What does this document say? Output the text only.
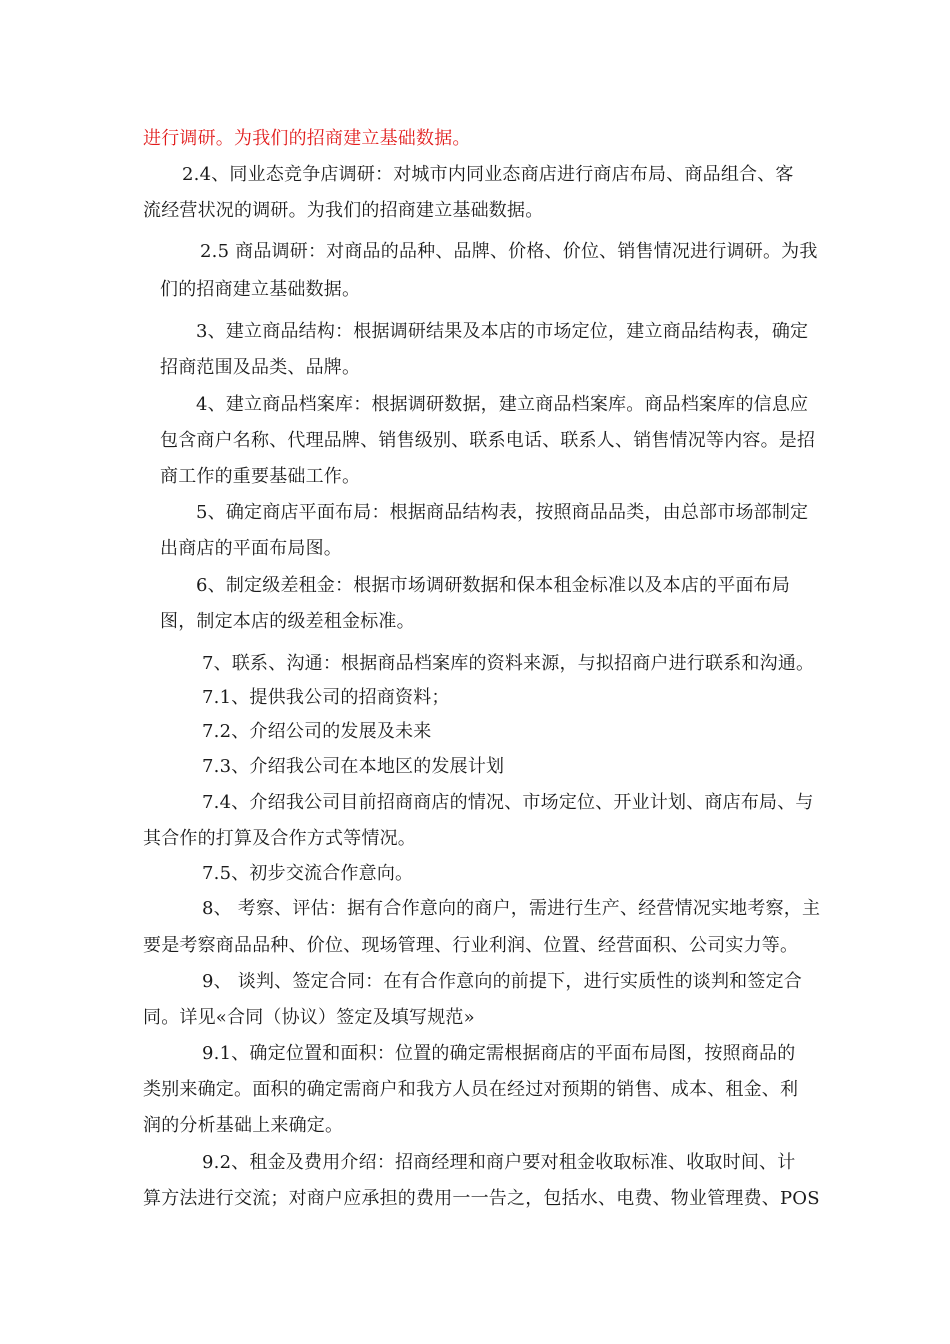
进行调研。为我们的招商建立基础数据。
2.4、同业态竞争店调研：对城市内同业态商店进行商店布局、商品组合、客
流经营状况的调研。为我们的招商建立基础数据。
2.5 商品调研：对商品的品种、品牌、价格、价位、销售情况进行调研。为我
们的招商建立基础数据。
3、建立商品结构：根据调研结果及本店的市场定位，建立商品结构表，确定
招商范围及品类、品牌。
4、建立商品档案库：根据调研数据，建立商品档案库。商品档案库的信息应
包含商户名称、代理品牌、销售级别、联系电话、联系人、销售情况等内容。是招
商工作的重要基础工作。
5、确定商店平面布局：根据商品结构表，按照商品品类，由总部市场部制定
出商店的平面布局图。
6、制定级差租金：根据市场调研数据和保本租金标准以及本店的平面布局
图，制定本店的级差租金标准。
7、联系、沟通：根据商品档案库的资料来源，与拟招商户进行联系和沟通。
7.1、提供我公司的招商资料；
7.2、介绍公司的发展及未来
7.3、介绍我公司在本地区的发展计划
7.4、介绍我公司目前招商商店的情况、市场定位、开业计划、商店布局、与
其合作的打算及合作方式等情况。
7.5、初步交流合作意向。
8、 考察、评估：据有合作意向的商户，需进行生产、经营情况实地考察，主
要是考察商品品种、价位、现场管理、行业利润、位置、经营面积、公司实力等。
9、 谈判、签定合同：在有合作意向的前提下，进行实质性的谈判和签定合
同。详见«合同（协议）签定及填写规范»
9.1、确定位置和面积：位置的确定需根据商店的平面布局图，按照商品的
类别来确定。面积的确定需商户和我方人员在经过对预期的销售、成本、租金、利
润的分析基础上来确定。
9.2、租金及费用介绍：招商经理和商户要对租金收取标准、收取时间、计
算方法进行交流；对商户应承担的费用一一告之，包括水、电费、物业管理费、POS
